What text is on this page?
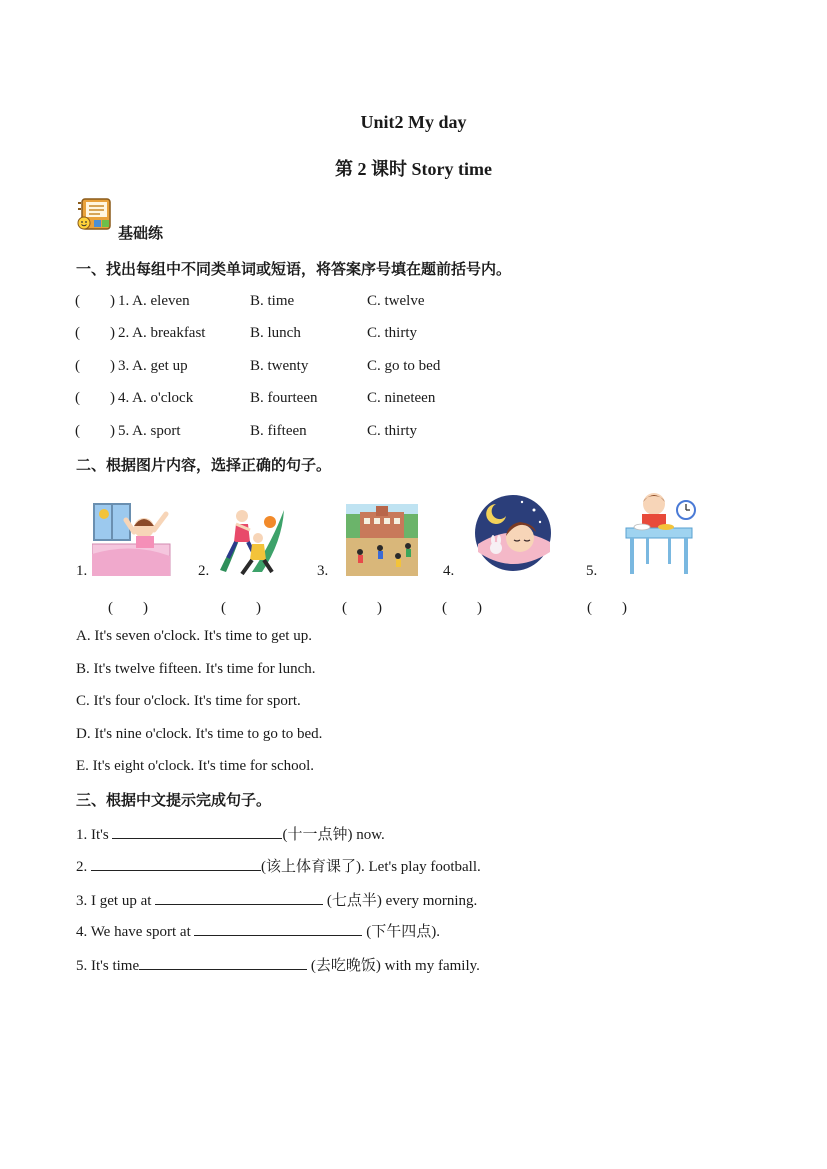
Unit2 My day
第 2 课时 Story time
基础练
一、找出每组中不同类单词或短语，将答案序号填在题前括号内。
( ) 1. A. eleven	B. time	C. twelve
( ) 2. A. breakfast	B. lunch	C. thirty
( ) 3. A. get up	B. twenty	C. go to bed
( ) 4. A. o'clock	B. fourteen	C. nineteen
( ) 5. A. sport	B. fifteen	C. thirty
二、根据图片内容，选择正确的句子。
1.	2.	3.	4.	5.
(　　)	(　　)	(　　)	(　　)	(　　)
A. It's seven o'clock. It's time to get up.
B. It's twelve fifteen. It's time for lunch.
C. It's four o'clock. It's time for sport.
D. It's nine o'clock. It's time to go to bed.
E. It's eight o'clock. It's time for school.
三、根据中文提示完成句子。
1. It's	(十一点钟) now.
2.	(该上体育课了). Let's play football.
3. I get up at	(七点半) every morning.
4. We have sport at	(下午四点).
5. It's time	(去吃晚饭) with my family.
